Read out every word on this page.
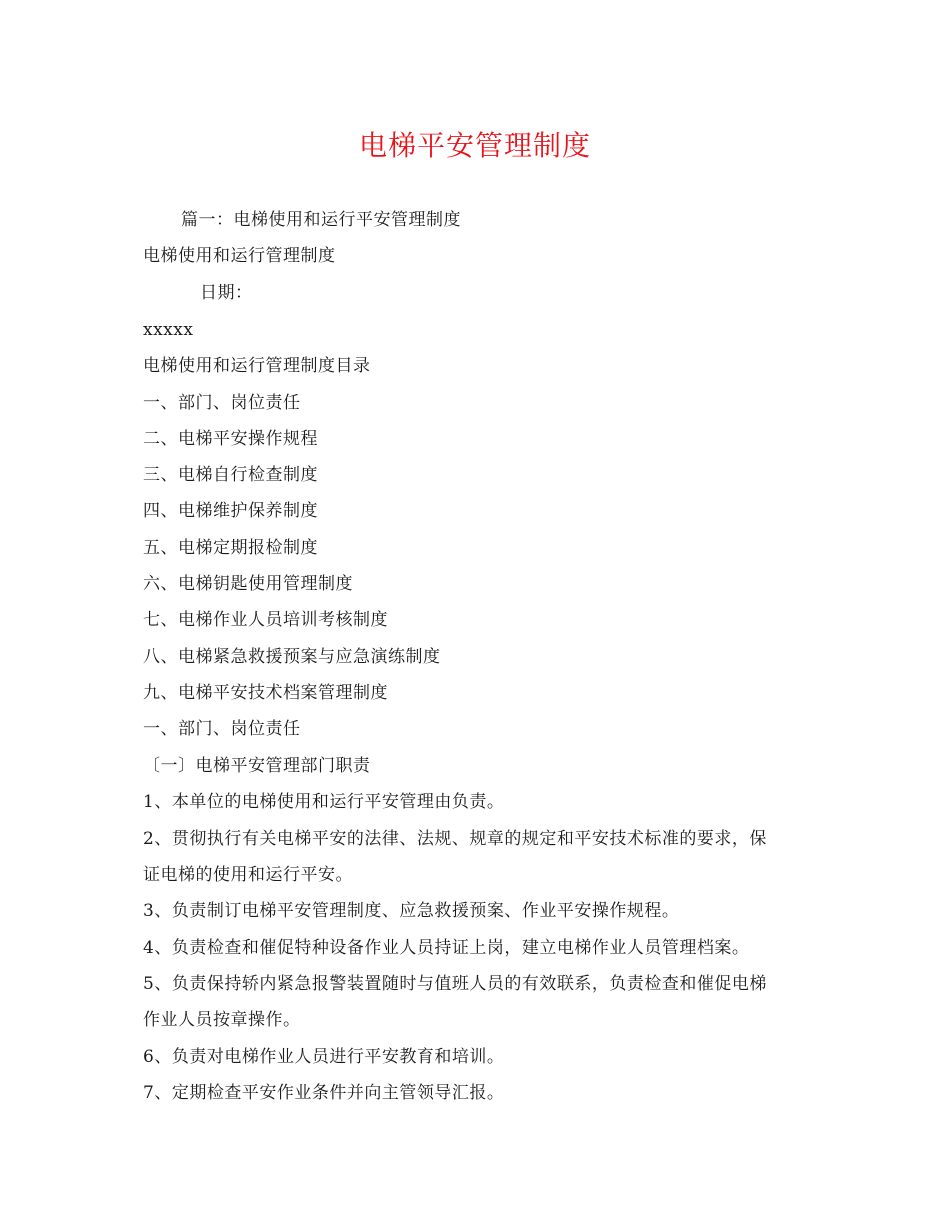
电梯平安管理制度
篇一：电梯使用和运行平安管理制度
电梯使用和运行管理制度
日期：
xxxxx
电梯使用和运行管理制度目录
一、部门、岗位责任
二、电梯平安操作规程
三、电梯自行检查制度
四、电梯维护保养制度
五、电梯定期报检制度
六、电梯钥匙使用管理制度
七、电梯作业人员培训考核制度
八、电梯紧急救援预案与应急演练制度
九、电梯平安技术档案管理制度
一、部门、岗位责任
〔一〕电梯平安管理部门职责
1、本单位的电梯使用和运行平安管理由负责。
2、贯彻执行有关电梯平安的法律、法规、规章的规定和平安技术标准的要求，保
证电梯的使用和运行平安。
3、负责制订电梯平安管理制度、应急救援预案、作业平安操作规程。
4、负责检查和催促特种设备作业人员持证上岗，建立电梯作业人员管理档案。
5、负责保持轿内紧急报警装置随时与值班人员的有效联系，负责检查和催促电梯
作业人员按章操作。
6、负责对电梯作业人员进行平安教育和培训。
7、定期检查平安作业条件并向主管领导汇报。
